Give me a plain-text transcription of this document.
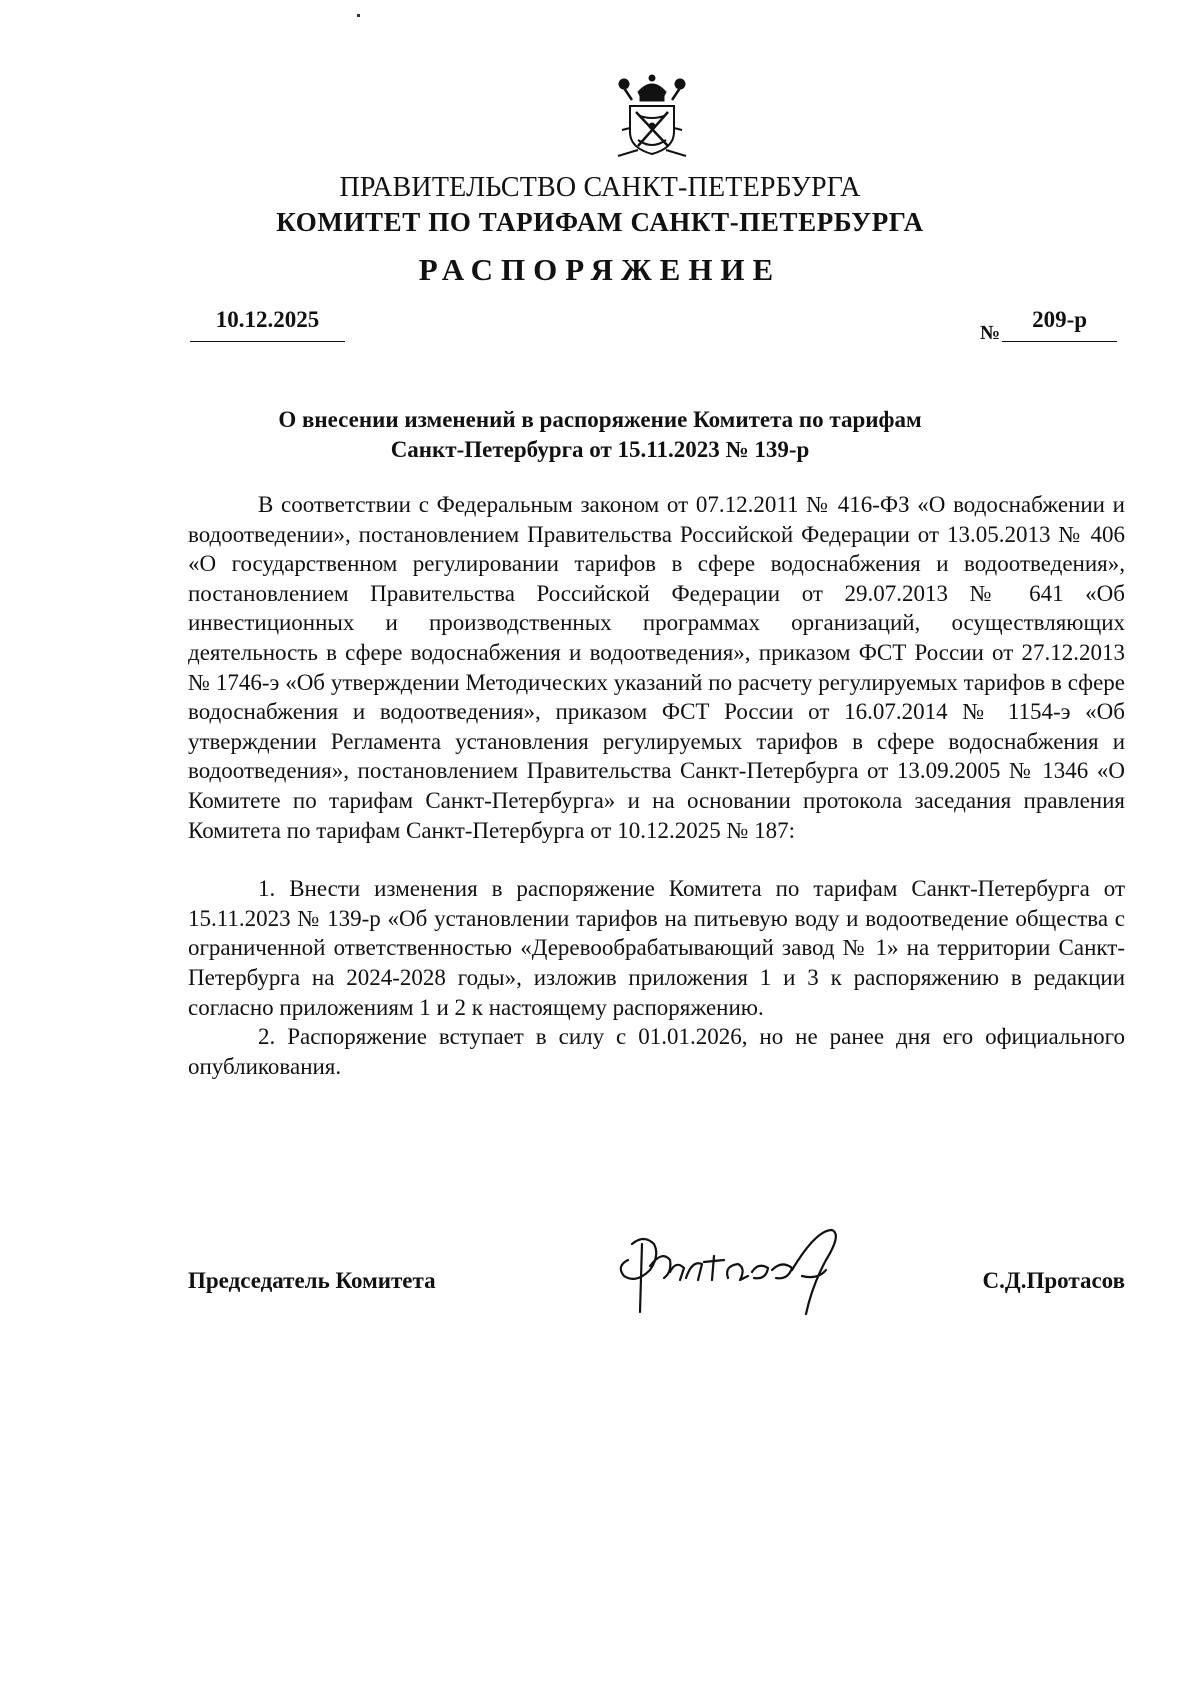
ПРАВИТЕЛЬСТВО САНКТ-ПЕТЕРБУРГА
КОМИТЕТ ПО ТАРИФАМ САНКТ-ПЕТЕРБУРГА
РАСПОРЯЖЕНИЕ
10.12.2025
№209-р
О внесении изменений в распоряжение Комитета по тарифам
Санкт-Петербурга от 15.11.2023 № 139-р

В соответствии с Федеральным законом от 07.12.2011 № 416-ФЗ «О водоснабжении и водоотведении», постановлением Правительства Российской Федерации от 13.05.2013 № 406 «О государственном регулировании тарифов в сфере водоснабжения и водоотведения», постановлением Правительства Российской Федерации от 29.07.2013 № 641 «Об инвестиционных и производственных программах организаций, осуществляющих деятельность в сфере водоснабжения и водоотведения», приказом ФСТ России от 27.12.2013 № 1746-э «Об утверждении Методических указаний по расчету регулируемых тарифов в сфере водоснабжения и водоотведения», приказом ФСТ России от 16.07.2014 № 1154-э «Об утверждении Регламента установления регулируемых тарифов в сфере водоснабжения и водоотведения», постановлением Правительства Санкт-Петербурга от 13.09.2005 № 1346 «О Комитете по тарифам Санкт-Петербурга» и на основании протокола заседания правления Комитета по тарифам Санкт-Петербурга от 10.12.2025 № 187:

1. Внести изменения в распоряжение Комитета по тарифам Санкт-Петербурга от 15.11.2023 № 139-р «Об установлении тарифов на питьевую воду и водоотведение общества с ограниченной ответственностью «Деревообрабатывающий завод № 1» на территории Санкт-Петербурга на 2024-2028 годы», изложив приложения 1 и 3 к распоряжению в редакции согласно приложениям 1 и 2 к настоящему распоряжению.

2. Распоряжение вступает в силу с 01.01.2026, но не ранее дня его официального опубликования.

Председатель Комитета	С.Д.Протасов
